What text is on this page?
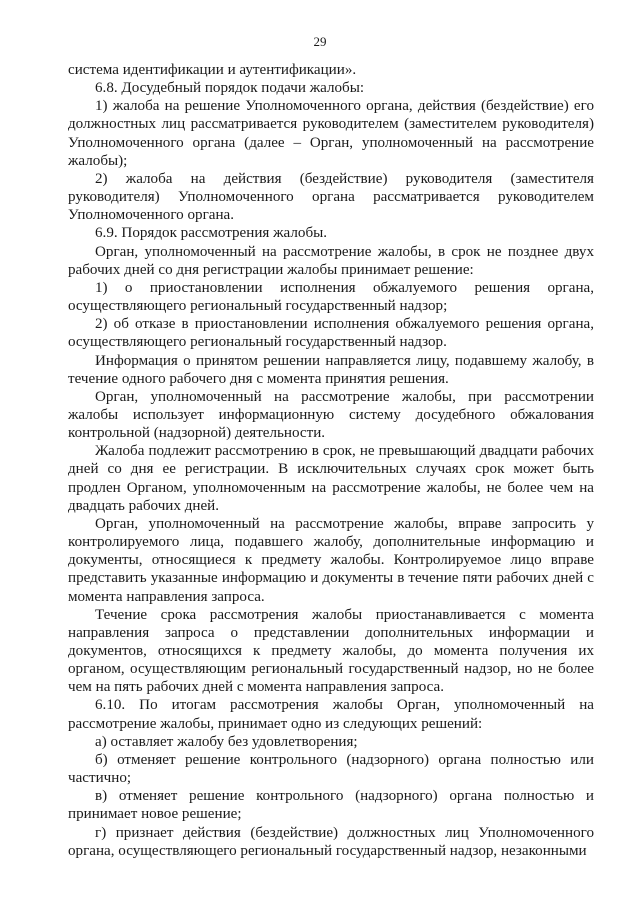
29

система идентификации и аутентификации».

6.8. Досудебный порядок подачи жалобы:

1) жалоба на решение Уполномоченного органа, действия (бездействие) его должностных лиц рассматривается руководителем (заместителем руководителя) Уполномоченного органа (далее – Орган, уполномоченный на рассмотрение жалобы);

2) жалоба на действия (бездействие) руководителя (заместителя руководителя) Уполномоченного органа рассматривается руководителем Уполномоченного органа.

6.9. Порядок рассмотрения жалобы.

Орган, уполномоченный на рассмотрение жалобы, в срок не позднее двух рабочих дней со дня регистрации жалобы принимает решение:

1) о приостановлении исполнения обжалуемого решения органа, осуществляющего региональный государственный надзор;

2) об отказе в приостановлении исполнения обжалуемого решения органа, осуществляющего региональный государственный надзор.

Информация о принятом решении направляется лицу, подавшему жалобу, в течение одного рабочего дня с момента принятия решения.

Орган, уполномоченный на рассмотрение жалобы, при рассмотрении жалобы использует информационную систему досудебного обжалования контрольной (надзорной) деятельности.

Жалоба подлежит рассмотрению в срок, не превышающий двадцати рабочих дней со дня ее регистрации. В исключительных случаях срок может быть продлен Органом, уполномоченным на рассмотрение жалобы, не более чем на двадцать рабочих дней.

Орган, уполномоченный на рассмотрение жалобы, вправе запросить у контролируемого лица, подавшего жалобу, дополнительные информацию и документы, относящиеся к предмету жалобы. Контролируемое лицо вправе представить указанные информацию и документы в течение пяти рабочих дней с момента направления запроса.

Течение срока рассмотрения жалобы приостанавливается с момента направления запроса о представлении дополнительных информации и документов, относящихся к предмету жалобы, до момента получения их органом, осуществляющим региональный государственный надзор, но не более чем на пять рабочих дней с момента направления запроса.

6.10. По итогам рассмотрения жалобы Орган, уполномоченный на рассмотрение жалобы, принимает одно из следующих решений:

а) оставляет жалобу без удовлетворения;

б) отменяет решение контрольного (надзорного) органа полностью или частично;

в) отменяет решение контрольного (надзорного) органа полностью и принимает новое решение;

г) признает действия (бездействие) должностных лиц Уполномоченного органа, осуществляющего региональный государственный надзор, незаконными
